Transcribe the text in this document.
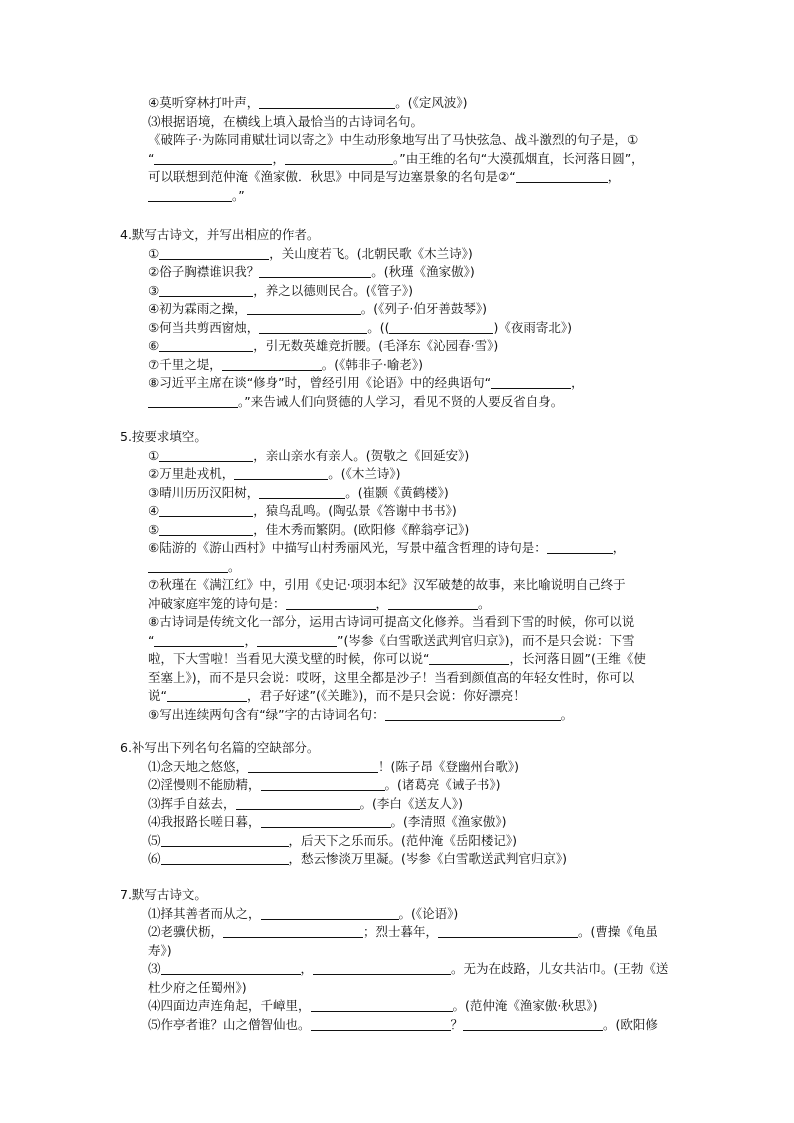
④莫听穿林打叶声，	。(《定风波》)
⑶根据语境，在横线上填入最恰当的古诗词名句。
《破阵子·为陈同甫赋壮词以寄之》中生动形象地写出了马快弦急、战斗激烈的句子是，①
“	，	。”由王维的名句“大漠孤烟直，长河落日圆”，
可以联想到范仲淹《渔家傲．秋思》中同是写边塞景象的名句是②“	，
。”
4.默写古诗文，并写出相应的作者。
①	，关山度若飞。(北朝民歌《木兰诗》)
②俗子胸襟谁识我？	。(秋瑾《渔家傲》)
③	，养之以德则民合。(《管子》)
④初为霖雨之操，	。(《列子·伯牙善鼓琴》)
⑤何当共剪西窗烛，	。((	)《夜雨寄北》)
⑥	，引无数英雄竞折腰。(毛泽东《沁园春·雪》)
⑦千里之堤，	。(《韩非子·喻老》)
⑧习近平主席在谈“修身”时，曾经引用《论语》中的经典语句“	，
。”来告诫人们向贤德的人学习，看见不贤的人要反省自身。
5.按要求填空。
①	，亲山亲水有亲人。(贺敬之《回延安》)
②万里赴戎机，	。(《木兰诗》)
③晴川历历汉阳树，	。(崔颢《黄鹤楼》)
④	，猿鸟乱鸣。(陶弘景《答谢中书书》)
⑤	，佳木秀而繁阴。(欧阳修《醉翁亭记》)
⑥陆游的《游山西村》中描写山村秀丽风光，写景中蕴含哲理的诗句是：	，
。
⑦秋瑾在《满江红》中，引用《史记·项羽本纪》汉军破楚的故事，来比喻说明自己终于
冲破家庭牢笼的诗句是：	，	。
⑧古诗词是传统文化一部分，运用古诗词可提高文化修养。当看到下雪的时候，你可以说
“	，	”(岑参《白雪歌送武判官归京》)，而不是只会说：下雪
啦，下大雪啦！当看见大漠戈壁的时候，你可以说“	，长河落日圆”(王维《使
至塞上》)，而不是只会说：哎呀，这里全都是沙子！当看到颜值高的年轻女性时，你可以
说“	，君子好逑”(《关雎》)，而不是只会说：你好漂亮！
⑨写出连续两句含有“绿”字的古诗词名句：	。
6.补写出下列名句名篇的空缺部分。
⑴念天地之悠悠，	！(陈子昂《登幽州台歌》)
⑵淫慢则不能励精，	。(诸葛亮《诫子书》)
⑶挥手自兹去，	。(李白《送友人》)
⑷我报路长嗟日暮，	。(李清照《渔家傲》)
⑸	，后天下之乐而乐。(范仲淹《岳阳楼记》)
⑹	，愁云惨淡万里凝。(岑参《白雪歌送武判官归京》)
7.默写古诗文。
⑴择其善者而从之，	。(《论语》)
⑵老骥伏枥，	；烈士暮年，	。(曹操《龟虽
寿》)
⑶	，	。无为在歧路，儿女共沾巾。(王勃《送
杜少府之任蜀州》)
⑷四面边声连角起，千嶂里，	。(范仲淹《渔家傲·秋思》)
⑸作亭者谁？山之僧智仙也。	？	。(欧阳修
